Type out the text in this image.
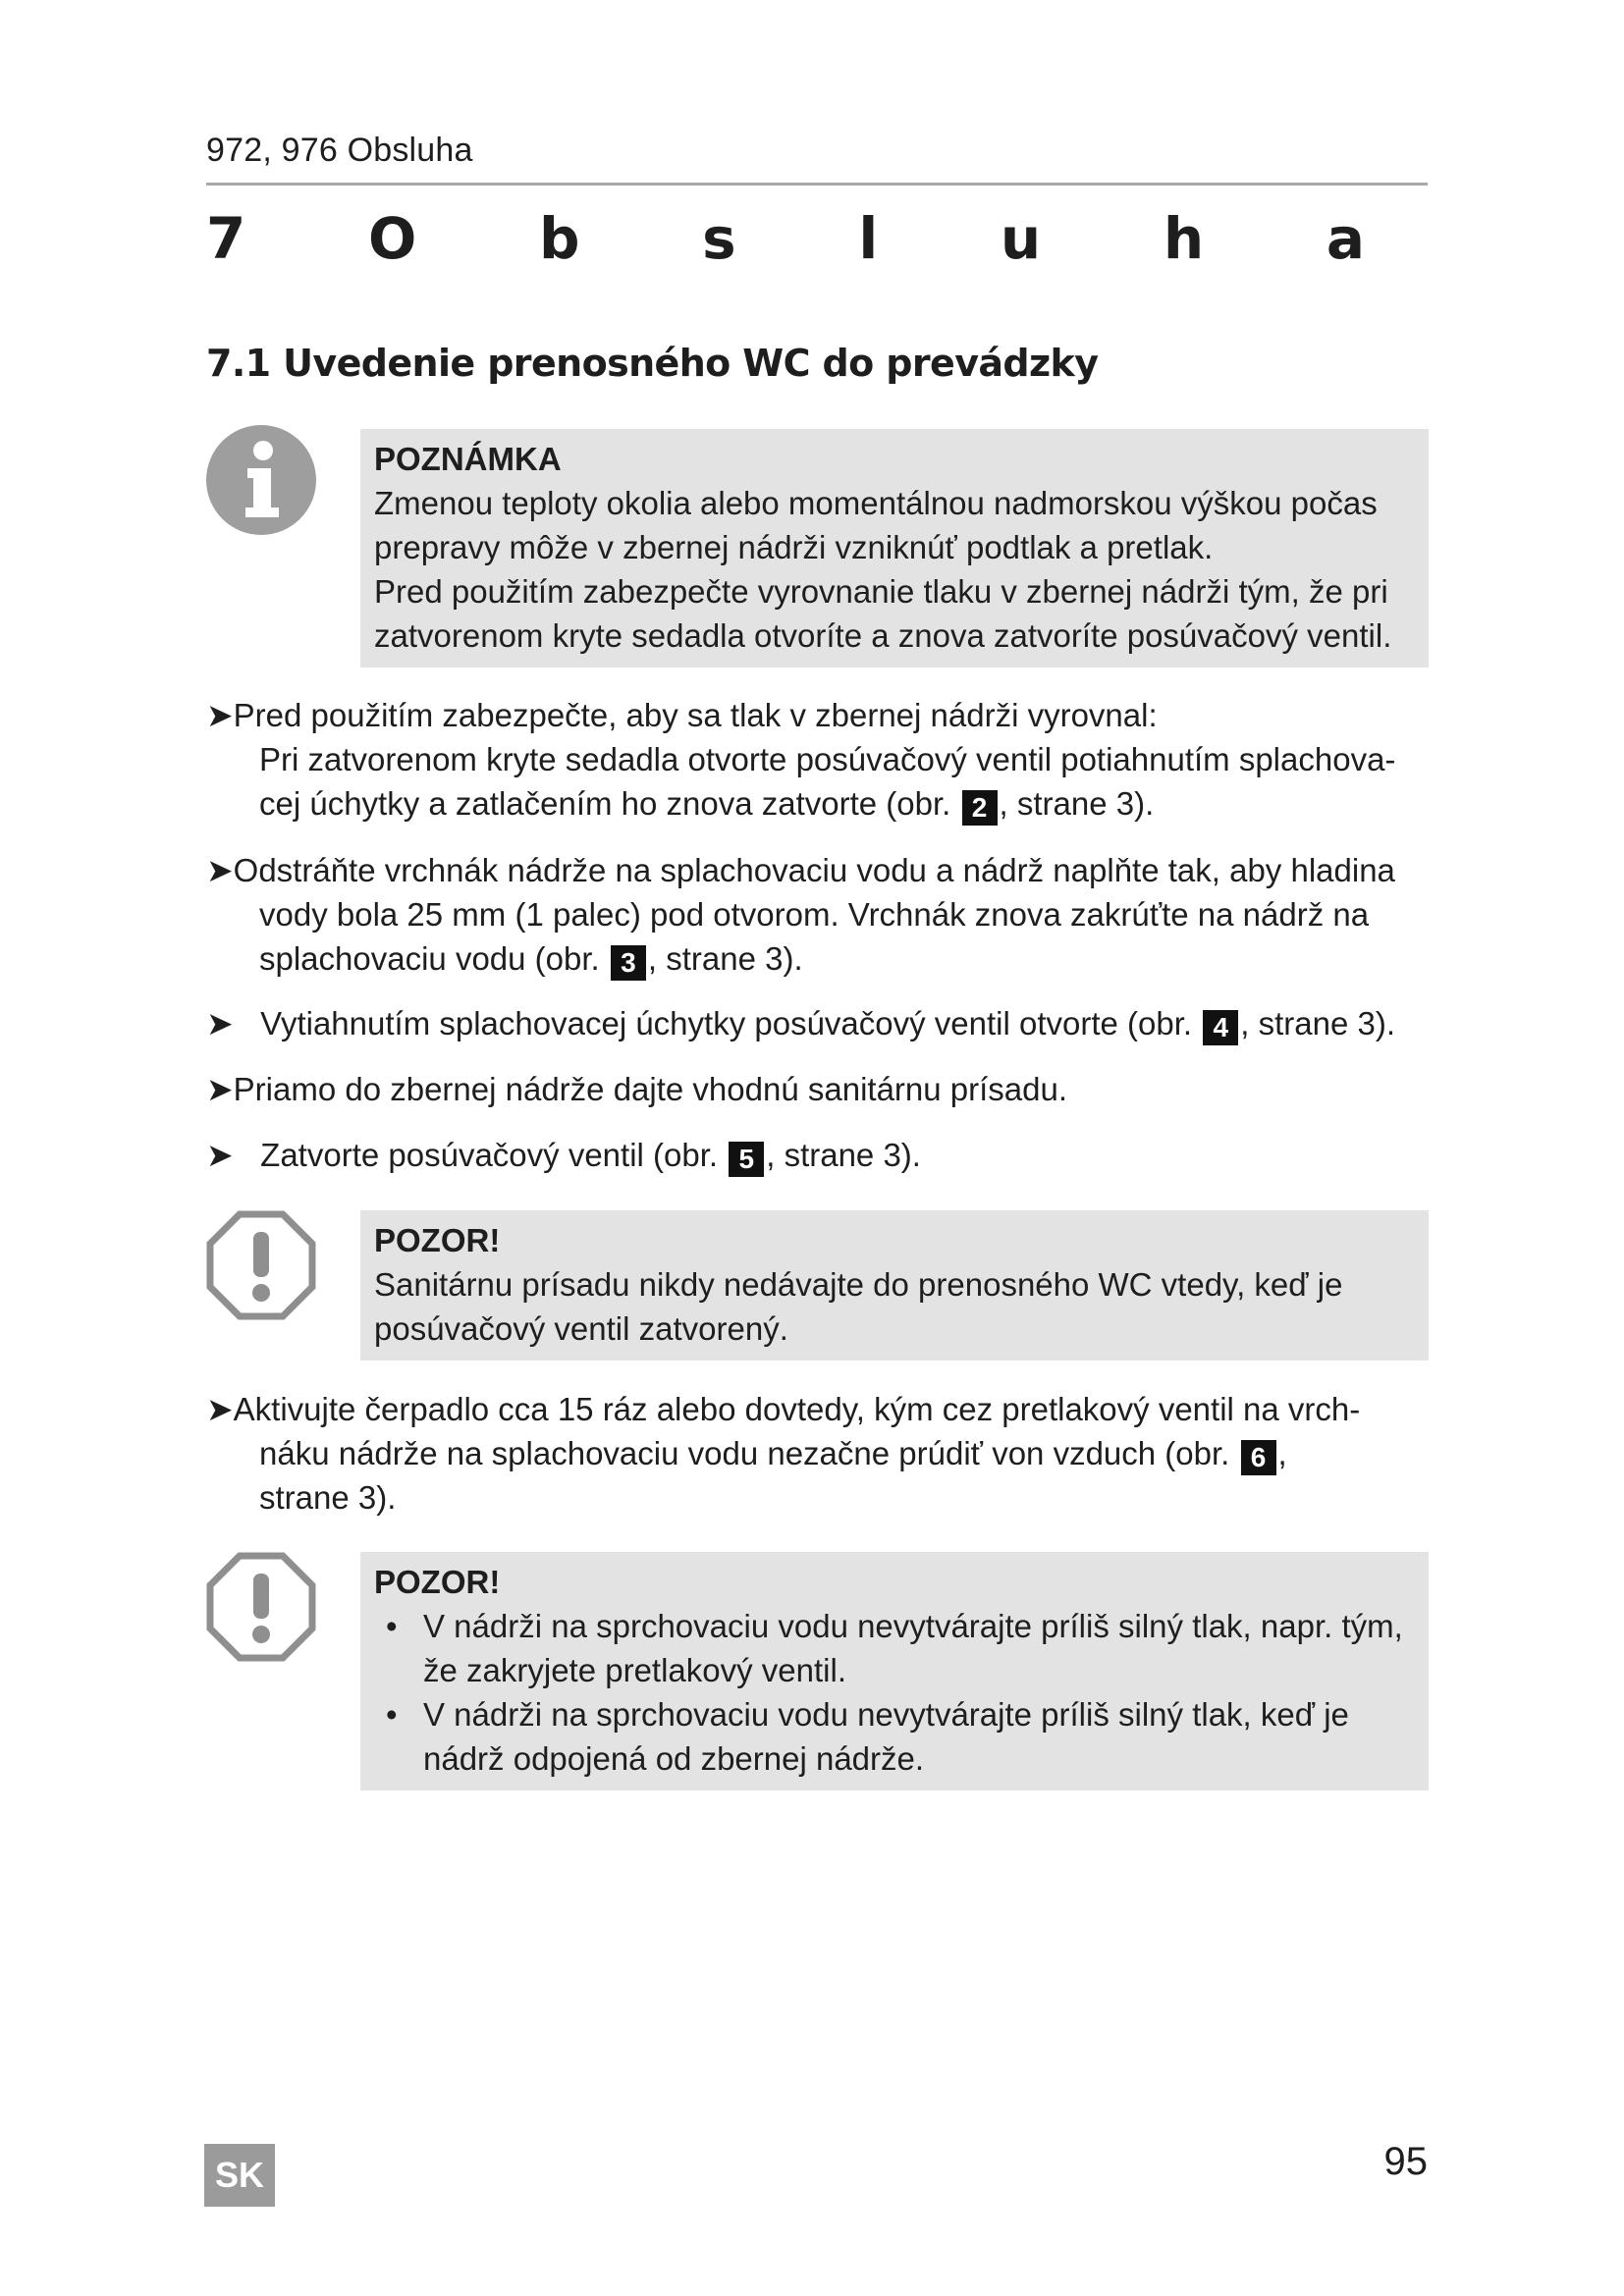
972, 976 Obsluha
7 O b s l u h a
7.1 Uvedenie prenosného WC do prevádzky
POZNÁMKA
Zmenou teploty okolia alebo momentálnou nadmorskou výškou počas
prepravy môže v zbernej nádrži vzniknúť podtlak a pretlak.
Pred použitím zabezpečte vyrovnanie tlaku v zbernej nádrži tým, že pri
zatvorenom kryte sedadla otvoríte a znova zatvoríte posúvačový ventil.
➤Pred použitím zabezpečte, aby sa tlak v zbernej nádrži vyrovnal:
Pri zatvorenom kryte sedadla otvorte posúvačový ventil potiahnutím splachova-
cej úchytky a zatlačením ho znova zatvorte (obr. 2 , strane 3).
➤Odstráňte vrchnák nádrže na splachovaciu vodu a nádrž naplňte tak, aby hladina
vody bola 25 mm (1 palec) pod otvorom. Vrchnák znova zakrúťte na nádrž na
splachovaciu vodu (obr. 3 , strane 3).
➤ Vytiahnutím splachovacej úchytky posúvačový ventil otvorte (obr. 4 , strane 3).
➤Priamo do zbernej nádrže dajte vhodnú sanitárnu prísadu.
➤ Zatvorte posúvačový ventil (obr. 5 , strane 3).
POZOR!
Sanitárnu prísadu nikdy nedávajte do prenosného WC vtedy, keď je
posúvačový ventil zatvorený.
➤Aktivujte čerpadlo cca 15 ráz alebo dovtedy, kým cez pretlakový ventil na vrch-
náku nádrže na splachovaciu vodu nezačne prúdiť von vzduch (obr. 6 ,
strane 3).
POZOR!
• V nádrži na sprchovaciu vodu nevytvárajte príliš silný tlak, napr. tým,
že zakryjete pretlakový ventil.
• V nádrži na sprchovaciu vodu nevytvárajte príliš silný tlak, keď je
nádrž odpojená od zbernej nádrže.
SK	95
